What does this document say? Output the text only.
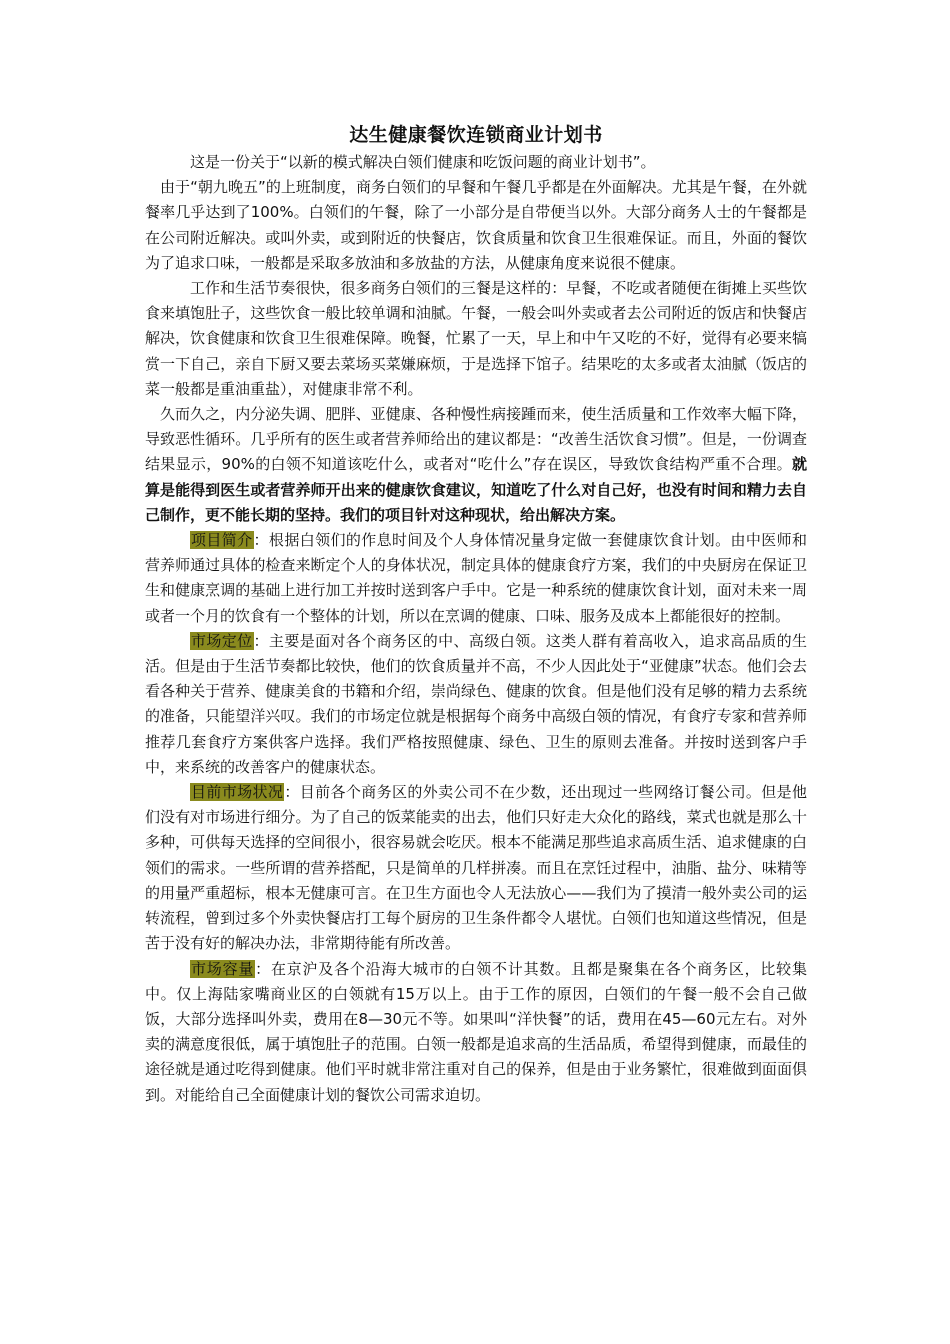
达生健康餐饮连锁商业计划书

这是一份关于“以新的模式解决白领们健康和吃饭问题的商业计划书”。

由于“朝九晚五”的上班制度，商务白领们的早餐和午餐几乎都是在外面解决。尤其是午餐，在外就餐率几乎达到了100%。白领们的午餐，除了一小部分是自带便当以外。大部分商务人士的午餐都是在公司附近解决。或叫外卖，或到附近的快餐店，饮食质量和饮食卫生很难保证。而且，外面的餐饮为了追求口味，一般都是采取多放油和多放盐的方法，从健康角度来说很不健康。

工作和生活节奏很快，很多商务白领们的三餐是这样的：早餐，不吃或者随便在街摊上买些饮食来填饱肚子，这些饮食一般比较单调和油腻。午餐，一般会叫外卖或者去公司附近的饭店和快餐店解决，饮食健康和饮食卫生很难保障。晚餐，忙累了一天，早上和中午又吃的不好，觉得有必要来犒赏一下自己，亲自下厨又要去菜场买菜嫌麻烦，于是选择下馆子。结果吃的太多或者太油腻（饭店的菜一般都是重油重盐），对健康非常不利。

久而久之，内分泌失调、肥胖、亚健康、各种慢性病接踵而来，使生活质量和工作效率大幅下降，导致恶性循环。几乎所有的医生或者营养师给出的建议都是：“改善生活饮食习惯”。但是，一份调查结果显示，90%的白领不知道该吃什么，或者对“吃什么”存在误区，导致饮食结构严重不合理。就算是能得到医生或者营养师开出来的健康饮食建议，知道吃了什么对自己好，也没有时间和精力去自己制作，更不能长期的坚持。我们的项目针对这种现状，给出解决方案。

项目简介：根据白领们的作息时间及个人身体情况量身定做一套健康饮食计划。由中医师和营养师通过具体的检查来断定个人的身体状况，制定具体的健康食疗方案，我们的中央厨房在保证卫生和健康烹调的基础上进行加工并按时送到客户手中。它是一种系统的健康饮食计划，面对未来一周或者一个月的饮食有一个整体的计划，所以在烹调的健康、口味、服务及成本上都能很好的控制。

市场定位：主要是面对各个商务区的中、高级白领。这类人群有着高收入，追求高品质的生活。但是由于生活节奏都比较快，他们的饮食质量并不高，不少人因此处于“亚健康”状态。他们会去看各种关于营养、健康美食的书籍和介绍，崇尚绿色、健康的饮食。但是他们没有足够的精力去系统的准备，只能望洋兴叹。我们的市场定位就是根据每个商务中高级白领的情况，有食疗专家和营养师推荐几套食疗方案供客户选择。我们严格按照健康、绿色、卫生的原则去准备。并按时送到客户手中，来系统的改善客户的健康状态。

目前市场状况：目前各个商务区的外卖公司不在少数，还出现过一些网络订餐公司。但是他们没有对市场进行细分。为了自己的饭菜能卖的出去，他们只好走大众化的路线，菜式也就是那么十多种，可供每天选择的空间很小，很容易就会吃厌。根本不能满足那些追求高质生活、追求健康的白领们的需求。一些所谓的营养搭配，只是简单的几样拼凑。而且在烹饪过程中，油脂、盐分、味精等的用量严重超标，根本无健康可言。在卫生方面也令人无法放心——我们为了摸清一般外卖公司的运转流程，曾到过多个外卖快餐店打工每个厨房的卫生条件都令人堪忧。白领们也知道这些情况，但是苦于没有好的解决办法，非常期待能有所改善。

市场容量：在京沪及各个沿海大城市的白领不计其数。且都是聚集在各个商务区，比较集中。仅上海陆家嘴商业区的白领就有15万以上。由于工作的原因，白领们的午餐一般不会自己做饭，大部分选择叫外卖，费用在8—30元不等。如果叫“洋快餐”的话，费用在45—60元左右。对外卖的满意度很低，属于填饱肚子的范围。白领一般都是追求高的生活品质，希望得到健康，而最佳的途径就是通过吃得到健康。他们平时就非常注重对自己的保养，但是由于业务繁忙，很难做到面面俱到。对能给自己全面健康计划的餐饮公司需求迫切。
